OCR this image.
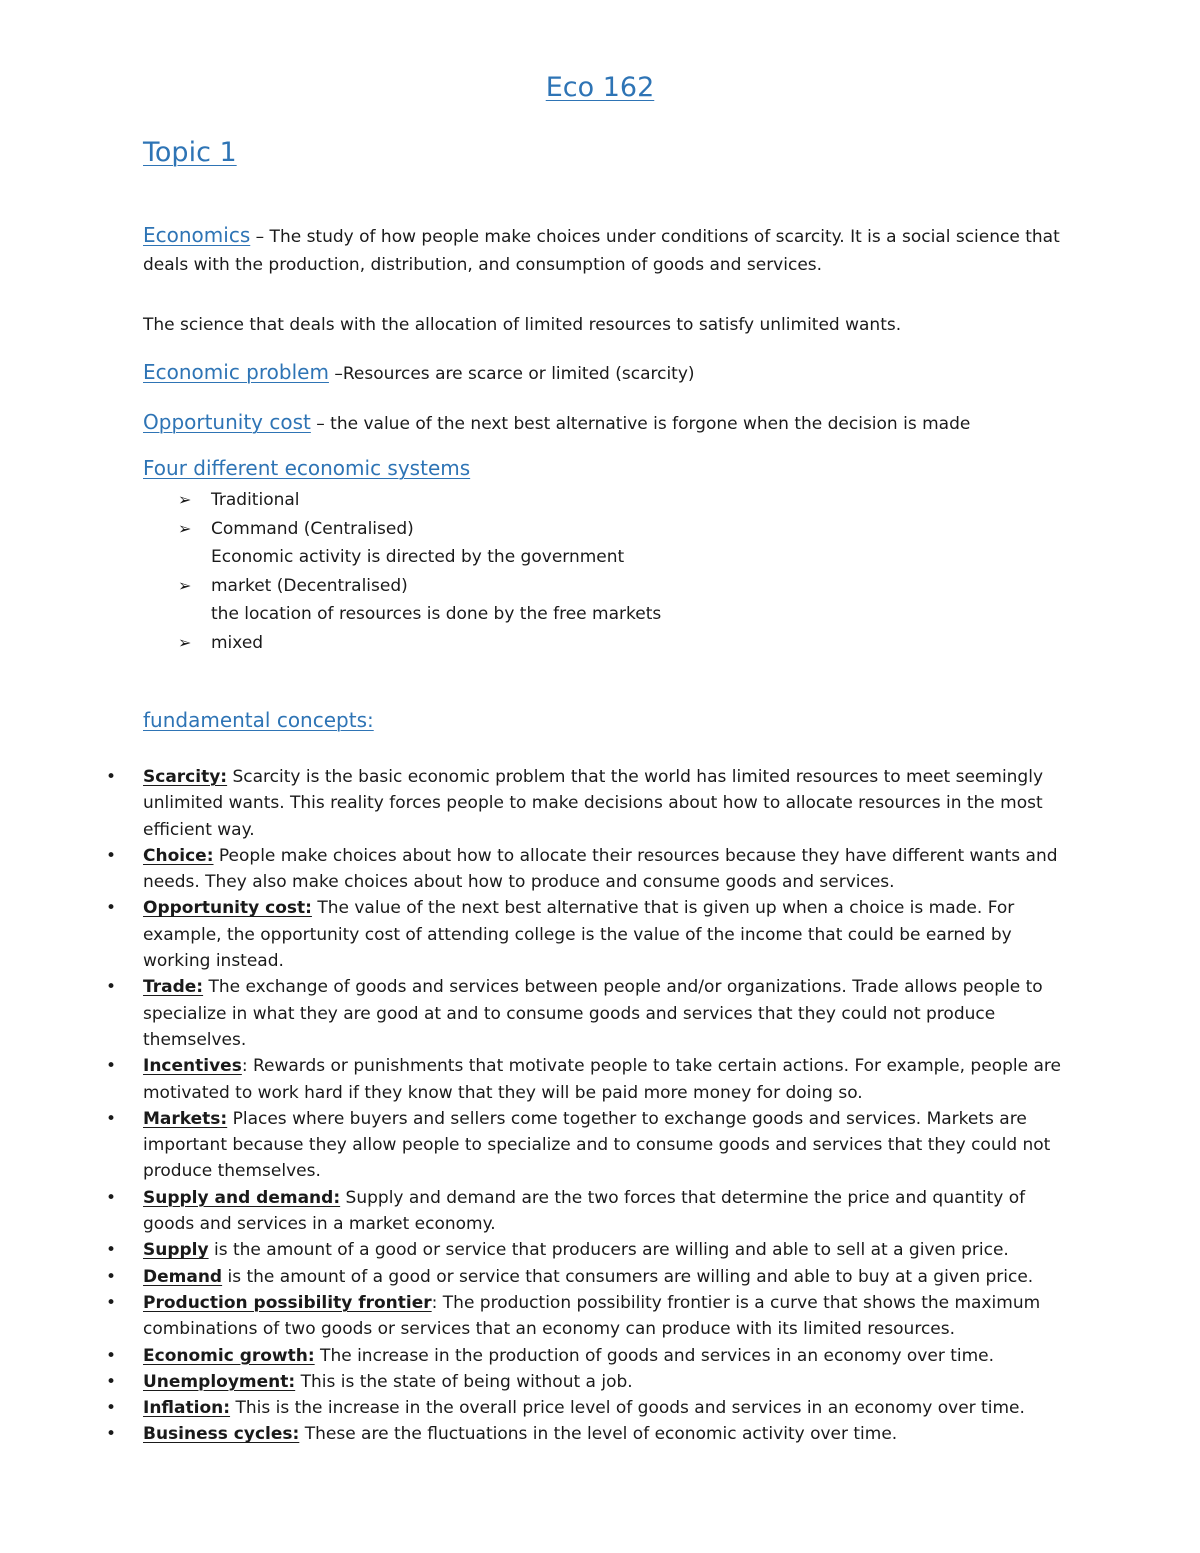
Eco 162
Topic 1
Economics – The study of how people make choices under conditions of scarcity. It is a social science that deals with the production, distribution, and consumption of goods and services.
The science that deals with the allocation of limited resources to satisfy unlimited wants.
Economic problem –Resources are scarce or limited (scarcity)
Opportunity cost – the value of the next best alternative is forgone when the decision is made
Four different economic systems
➢ Traditional
➢ Command (Centralised)
Economic activity is directed by the government
➢ market (Decentralised)
the location of resources is done by the free markets
➢ mixed
fundamental concepts:
• Scarcity: Scarcity is the basic economic problem that the world has limited resources to meet seemingly unlimited wants. This reality forces people to make decisions about how to allocate resources in the most efficient way.
• Choice: People make choices about how to allocate their resources because they have different wants and needs. They also make choices about how to produce and consume goods and services.
• Opportunity cost: The value of the next best alternative that is given up when a choice is made. For example, the opportunity cost of attending college is the value of the income that could be earned by working instead.
• Trade: The exchange of goods and services between people and/or organizations. Trade allows people to specialize in what they are good at and to consume goods and services that they could not produce themselves.
• Incentives: Rewards or punishments that motivate people to take certain actions. For example, people are motivated to work hard if they know that they will be paid more money for doing so.
• Markets: Places where buyers and sellers come together to exchange goods and services. Markets are important because they allow people to specialize and to consume goods and services that they could not produce themselves.
• Supply and demand: Supply and demand are the two forces that determine the price and quantity of goods and services in a market economy.
• Supply is the amount of a good or service that producers are willing and able to sell at a given price.
• Demand is the amount of a good or service that consumers are willing and able to buy at a given price.
• Production possibility frontier: The production possibility frontier is a curve that shows the maximum combinations of two goods or services that an economy can produce with its limited resources.
• Economic growth: The increase in the production of goods and services in an economy over time.
• Unemployment: This is the state of being without a job.
• Inflation: This is the increase in the overall price level of goods and services in an economy over time.
• Business cycles: These are the fluctuations in the level of economic activity over time.
